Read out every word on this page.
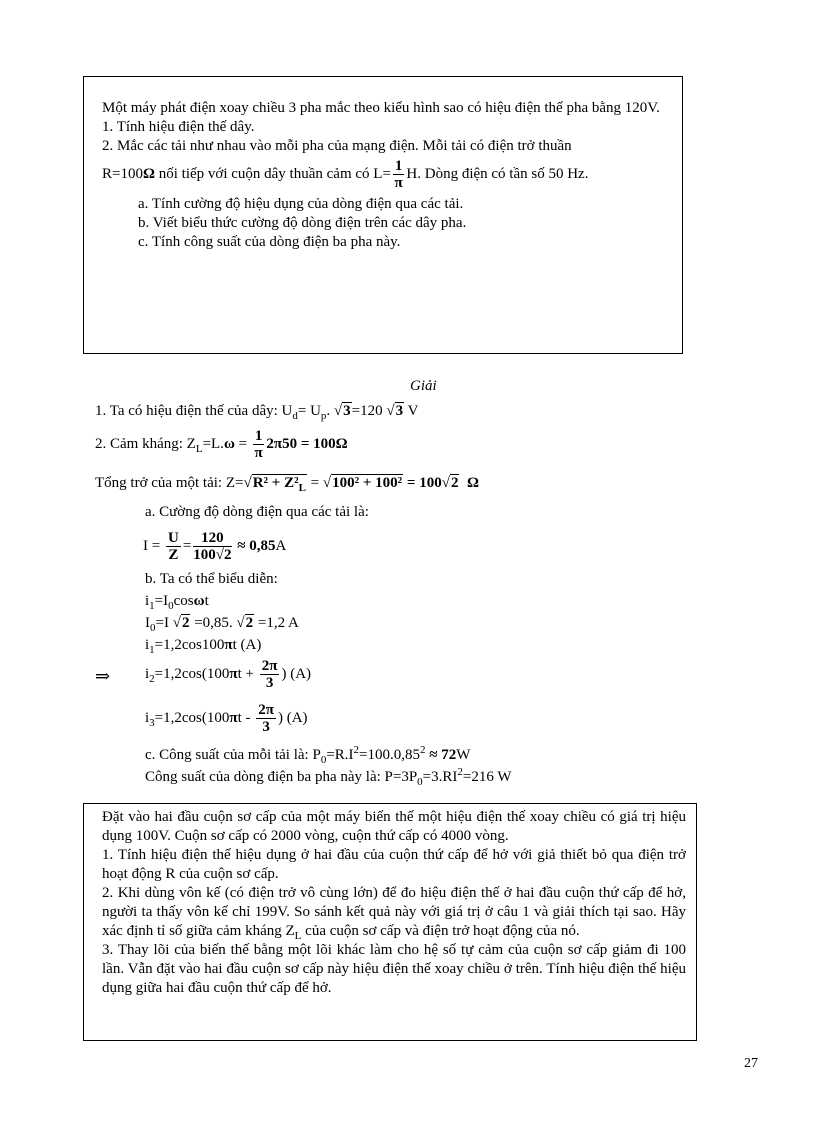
Một máy phát điện xoay chiều 3 pha mắc theo kiểu hình sao có hiệu điện thế pha bằng 120V.

1. Tính hiệu điện thế dây.

2. Mắc các tải như nhau vào mỗi pha của mạng điện. Mỗi tải có điện trở thuần

R=100Ω nối tiếp với cuộn dây thuần cảm có $L= \frac{1}{\pi} H$. Dòng điện có tần số 50 Hz.

a. Tính cường độ hiệu dụng của dòng điện qua các tải.

b. Viết biểu thức cường độ dòng điện trên các dây pha.

c. Tính công suất của dòng điện ba pha này.

Giải
1. Ta có hiệu điện thế của dây: $U_d= U_p$. √3=120 √3 V
2. Cảm kháng: $Z_L=L.\omega = \frac{1}{\pi} 2\pi 50 = 100\Omega$
Tổng trở của một tải: $Z=√R^2 + Z^2_L = √100^2 + 100^2 = 100√2$ Ω
a. Cường độ dòng điện qua các tải là:
$I = \frac{U}{Z} = \frac{120}{100√2} \approx 0,85A$
b. Ta có thể biểu diễn:
$i_1=I_0\cos\omega t$
$I_0=I$ √2 =0,85. √2 =1,2 A
$i_1=1,2\cos 100\pi t$ (A)
⇒ $i_2=1,2\cos(100\pi t + \frac{2\pi}{3}$ ) (A)
$i_3=1,2\cos(100\pi t - \frac{2\pi}{3}$ ) (A)
c. Công suất của mỗi tải là: $P_0=R.I^2=100.0,85^2 \approx 72W$
Công suất của dòng điện ba pha này là: $P=3P_0=3.RI^2=216$ W

Đặt vào hai đầu cuộn sơ cấp của một máy biến thế một hiệu điện thế xoay chiều có giá trị hiệu dụng 100V. Cuộn sơ cấp có 2000 vòng, cuộn thứ cấp có 4000 vòng.

1. Tính hiệu điện thế hiệu dụng ở hai đầu của cuộn thứ cấp để hở với giả thiết bỏ qua điện trở hoạt động R của cuộn sơ cấp.

2. Khi dùng vôn kế (có điện trở vô cùng lớn) để đo hiệu điện thế ở hai đầu cuộn thứ cấp để hở, người ta thấy vôn kế chỉ 199V. So sánh kết quả này với giá trị ở câu 1 và giải thích tại sao. Hãy xác định tỉ số giữa cảm kháng $Z_L$ của cuộn sơ cấp và điện trở hoạt động của nó.

3. Thay lõi của biến thế bằng một lõi khác làm cho hệ số tự cảm của cuộn sơ cấp giảm đi 100 lần. Vẫn đặt vào hai đầu cuộn sơ cấp này hiệu điện thế xoay chiều ở trên. Tính hiệu điện thế hiệu dụng giữa hai đầu cuộn thứ cấp để hở.

27
